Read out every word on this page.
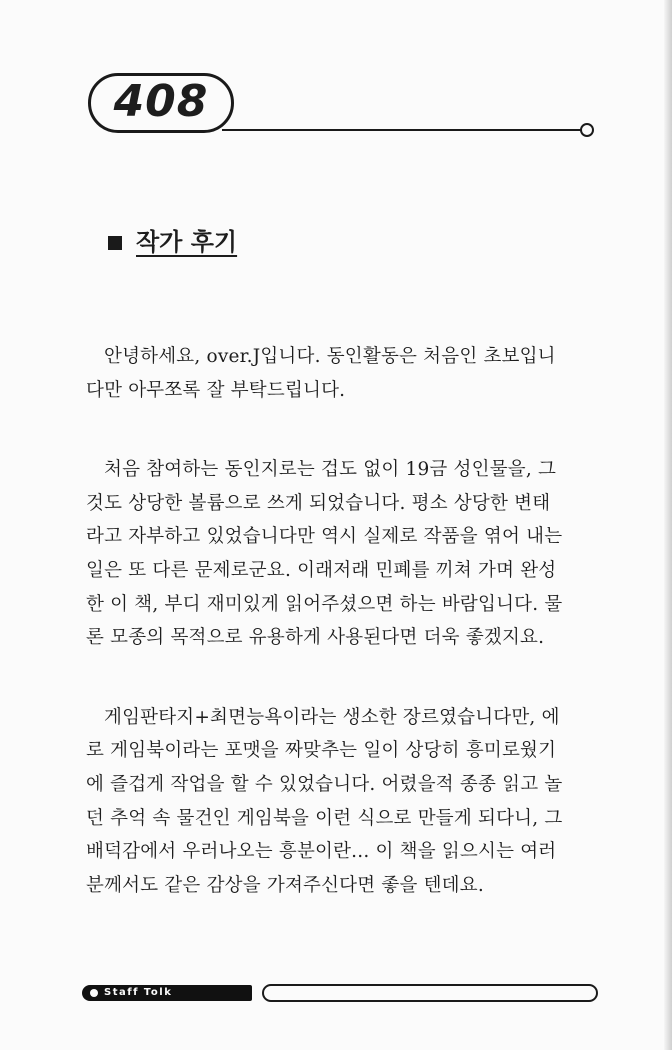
408
작가 후기

안녕하세요, over.J입니다. 동인활동은 처음인 초보입니
다만 아무쪼록 잘 부탁드립니다.

처음 참여하는 동인지로는 겁도 없이 19금 성인물을, 그
것도 상당한 볼륨으로 쓰게 되었습니다. 평소 상당한 변태
라고 자부하고 있었습니다만 역시 실제로 작품을 엮어 내는
일은 또 다른 문제로군요. 이래저래 민폐를 끼쳐 가며 완성
한 이 책, 부디 재미있게 읽어주셨으면 하는 바람입니다. 물
론 모종의 목적으로 유용하게 사용된다면 더욱 좋겠지요.

게임판타지+최면능욕이라는 생소한 장르였습니다만, 에
로 게임북이라는 포맷을 짜맞추는 일이 상당히 흥미로웠기
에 즐겁게 작업을 할 수 있었습니다. 어렸을적 종종 읽고 놀
던 추억 속 물건인 게임북을 이런 식으로 만들게 되다니, 그
배덕감에서 우러나오는 흥분이란... 이 책을 읽으시는 여러
분께서도 같은 감상을 가져주신다면 좋을 텐데요.

Staff Tolk
